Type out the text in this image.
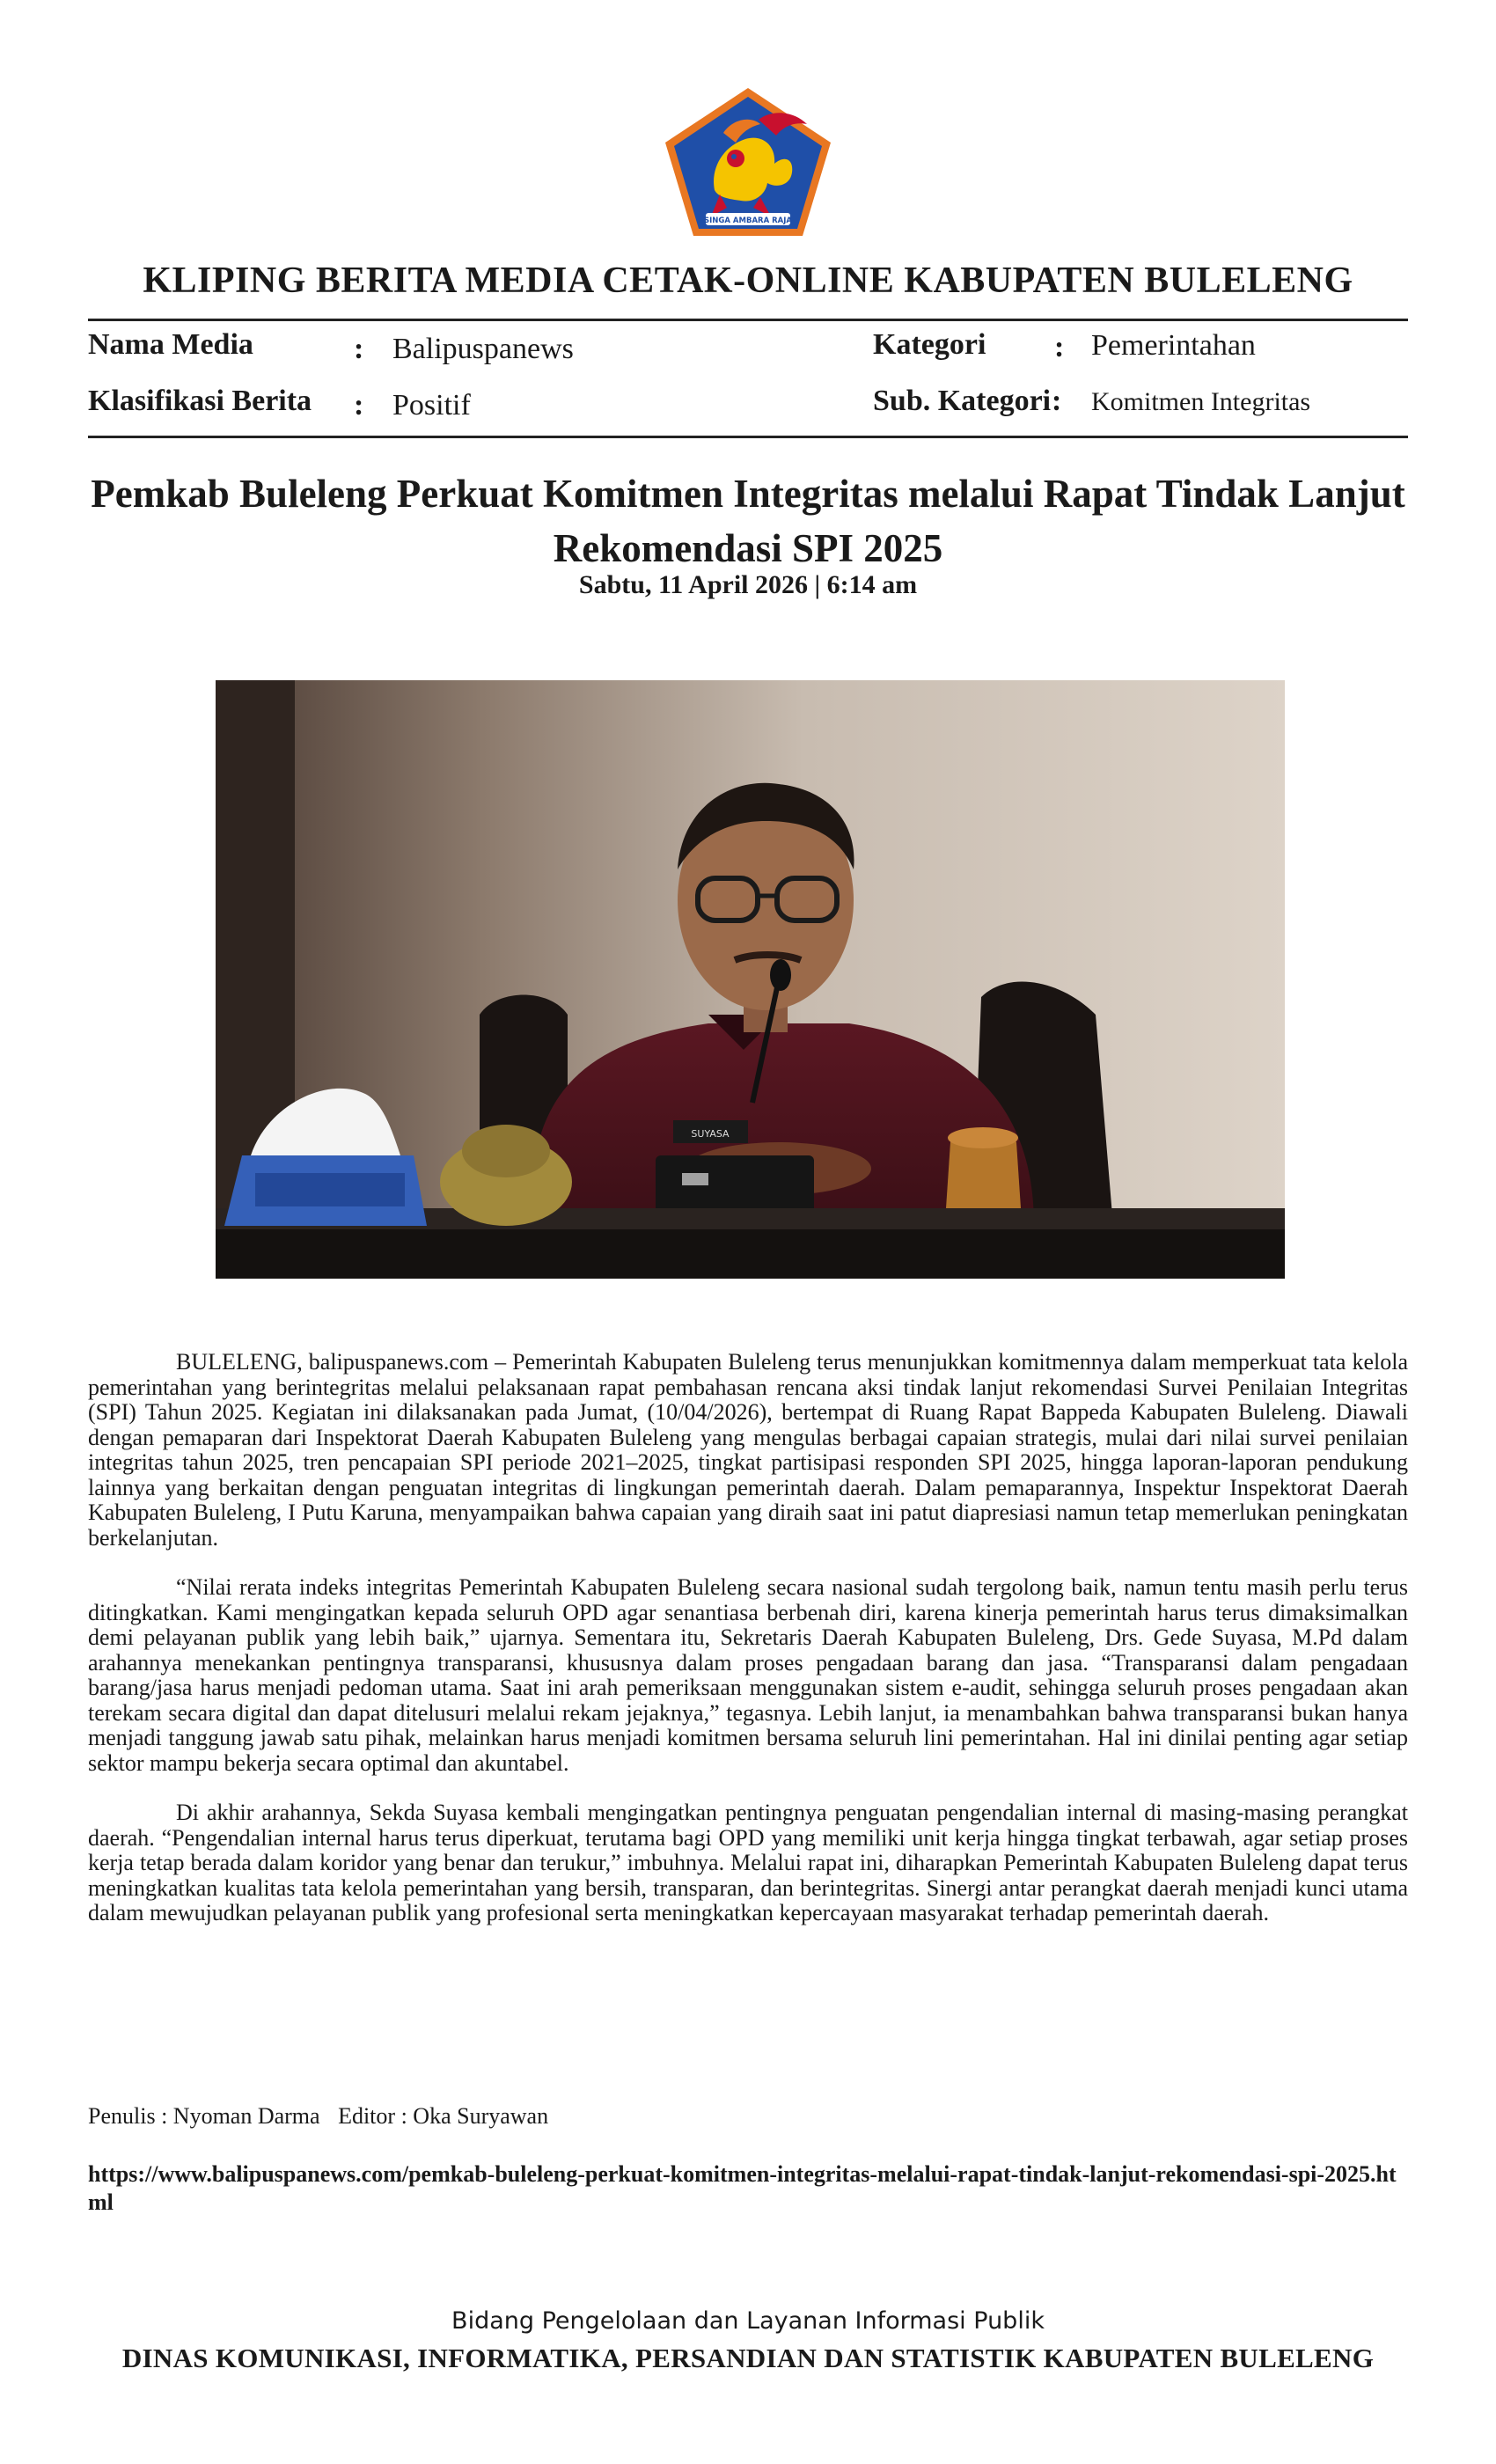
SINGA AMBARA RAJA
KLIPING BERITA MEDIA CETAK-ONLINE KABUPATEN BULELENG
Nama Media	: Balipuspanews	Kategori : Pemerintahan
Klasifikasi Berita : Positif	Sub. Kategori : Komitmen Integritas
Pemkab Buleleng Perkuat Komitmen Integritas melalui Rapat Tindak Lanjut Rekomendasi SPI 2025
Sabtu, 11 April 2026 | 6:14 am
SUYASA

BULELENG, balipuspanews.com – Pemerintah Kabupaten Buleleng terus menunjukkan komitmennya dalam memperkuat tata kelola pemerintahan yang berintegritas melalui pelaksanaan rapat pembahasan rencana aksi tindak lanjut rekomendasi Survei Penilaian Integritas (SPI) Tahun 2025. Kegiatan ini dilaksanakan pada Jumat, (10/04/2026), bertempat di Ruang Rapat Bappeda Kabupaten Buleleng. Diawali dengan pemaparan dari Inspektorat Daerah Kabupaten Buleleng yang mengulas berbagai capaian strategis, mulai dari nilai survei penilaian integritas tahun 2025, tren pencapaian SPI periode 2021–2025, tingkat partisipasi responden SPI 2025, hingga laporan-laporan pendukung lainnya yang berkaitan dengan penguatan integritas di lingkungan pemerintah daerah. Dalam pemaparannya, Inspektur Inspektorat Daerah Kabupaten Buleleng, I Putu Karuna, menyampaikan bahwa capaian yang diraih saat ini patut diapresiasi namun tetap memerlukan peningkatan berkelanjutan.

“Nilai rerata indeks integritas Pemerintah Kabupaten Buleleng secara nasional sudah tergolong baik, namun tentu masih perlu terus ditingkatkan. Kami mengingatkan kepada seluruh OPD agar senantiasa berbenah diri, karena kinerja pemerintah harus terus dimaksimalkan demi pelayanan publik yang lebih baik,” ujarnya. Sementara itu, Sekretaris Daerah Kabupaten Buleleng, Drs. Gede Suyasa, M.Pd dalam arahannya menekankan pentingnya transparansi, khususnya dalam proses pengadaan barang dan jasa. “Transparansi dalam pengadaan barang/jasa harus menjadi pedoman utama. Saat ini arah pemeriksaan menggunakan sistem e-audit, sehingga seluruh proses pengadaan akan terekam secara digital dan dapat ditelusuri melalui rekam jejaknya,” tegasnya. Lebih lanjut, ia menambahkan bahwa transparansi bukan hanya menjadi tanggung jawab satu pihak, melainkan harus menjadi komitmen bersama seluruh lini pemerintahan. Hal ini dinilai penting agar setiap sektor mampu bekerja secara optimal dan akuntabel.

Di akhir arahannya, Sekda Suyasa kembali mengingatkan pentingnya penguatan pengendalian internal di masing-masing perangkat daerah. “Pengendalian internal harus terus diperkuat, terutama bagi OPD yang memiliki unit kerja hingga tingkat terbawah, agar setiap proses kerja tetap berada dalam koridor yang benar dan terukur,” imbuhnya. Melalui rapat ini, diharapkan Pemerintah Kabupaten Buleleng dapat terus meningkatkan kualitas tata kelola pemerintahan yang bersih, transparan, dan berintegritas. Sinergi antar perangkat daerah menjadi kunci utama dalam mewujudkan pelayanan publik yang profesional serta meningkatkan kepercayaan masyarakat terhadap pemerintah daerah.

Penulis : Nyoman Darma Editor : Oka Suryawan
https://www.balipuspanews.com/pemkab-buleleng-perkuat-komitmen-integritas-melalui-rapat-tindak-lanjut-rekomendasi-spi-2025.html
Bidang Pengelolaan dan Layanan Informasi Publik
DINAS KOMUNIKASI, INFORMATIKA, PERSANDIAN DAN STATISTIK KABUPATEN BULELENG
